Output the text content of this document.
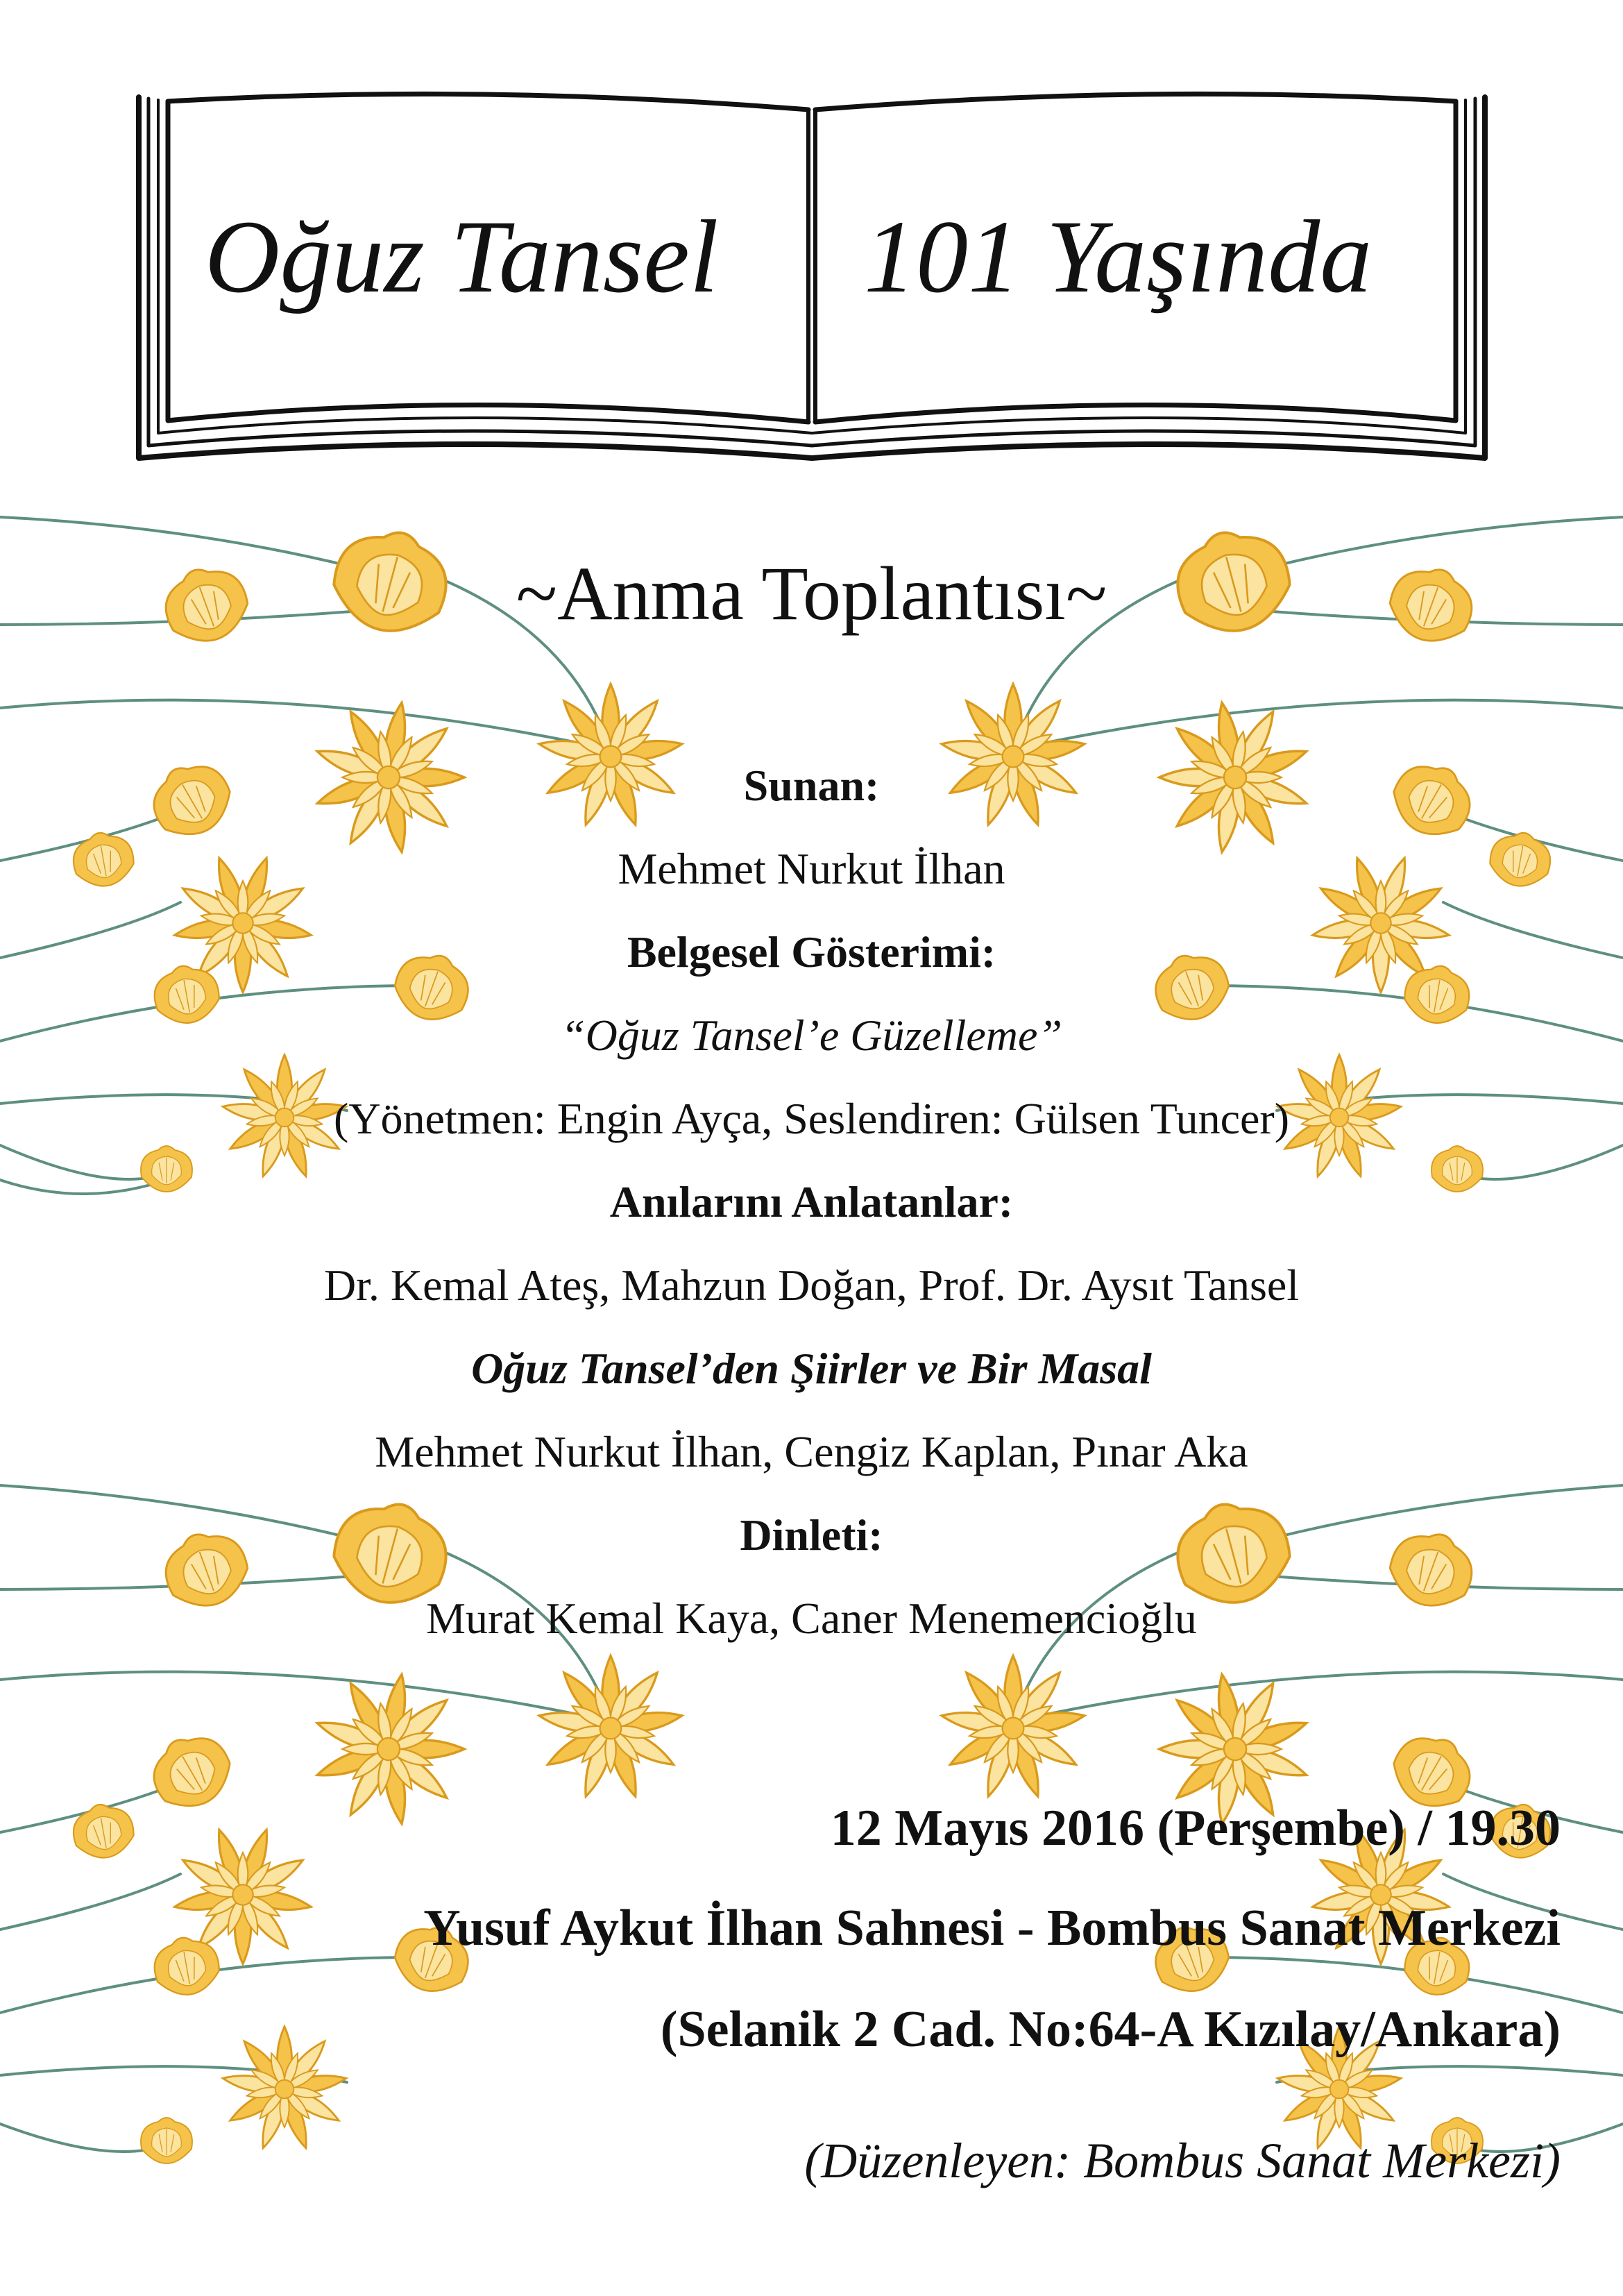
Oğuz Tansel 101 Yaşında
~Anma Toplantısı~
Sunan:
Mehmet Nurkut İlhan
Belgesel Gösterimi:
“Oğuz Tansel’e Güzelleme”
(Yönetmen: Engin Ayça, Seslendiren: Gülsen Tuncer)
Anılarını Anlatanlar:
Dr. Kemal Ateş, Mahzun Doğan, Prof. Dr. Aysıt Tansel
Oğuz Tansel’den Şiirler ve Bir Masal
Mehmet Nurkut İlhan, Cengiz Kaplan, Pınar Aka
Dinleti:
Murat Kemal Kaya, Caner Menemencioğlu
12 Mayıs 2016 (Perşembe) / 19.30
Yusuf Aykut İlhan Sahnesi - Bombus Sanat Merkezi
(Selanik 2 Cad. No:64-A Kızılay/Ankara)
(Düzenleyen: Bombus Sanat Merkezi)
